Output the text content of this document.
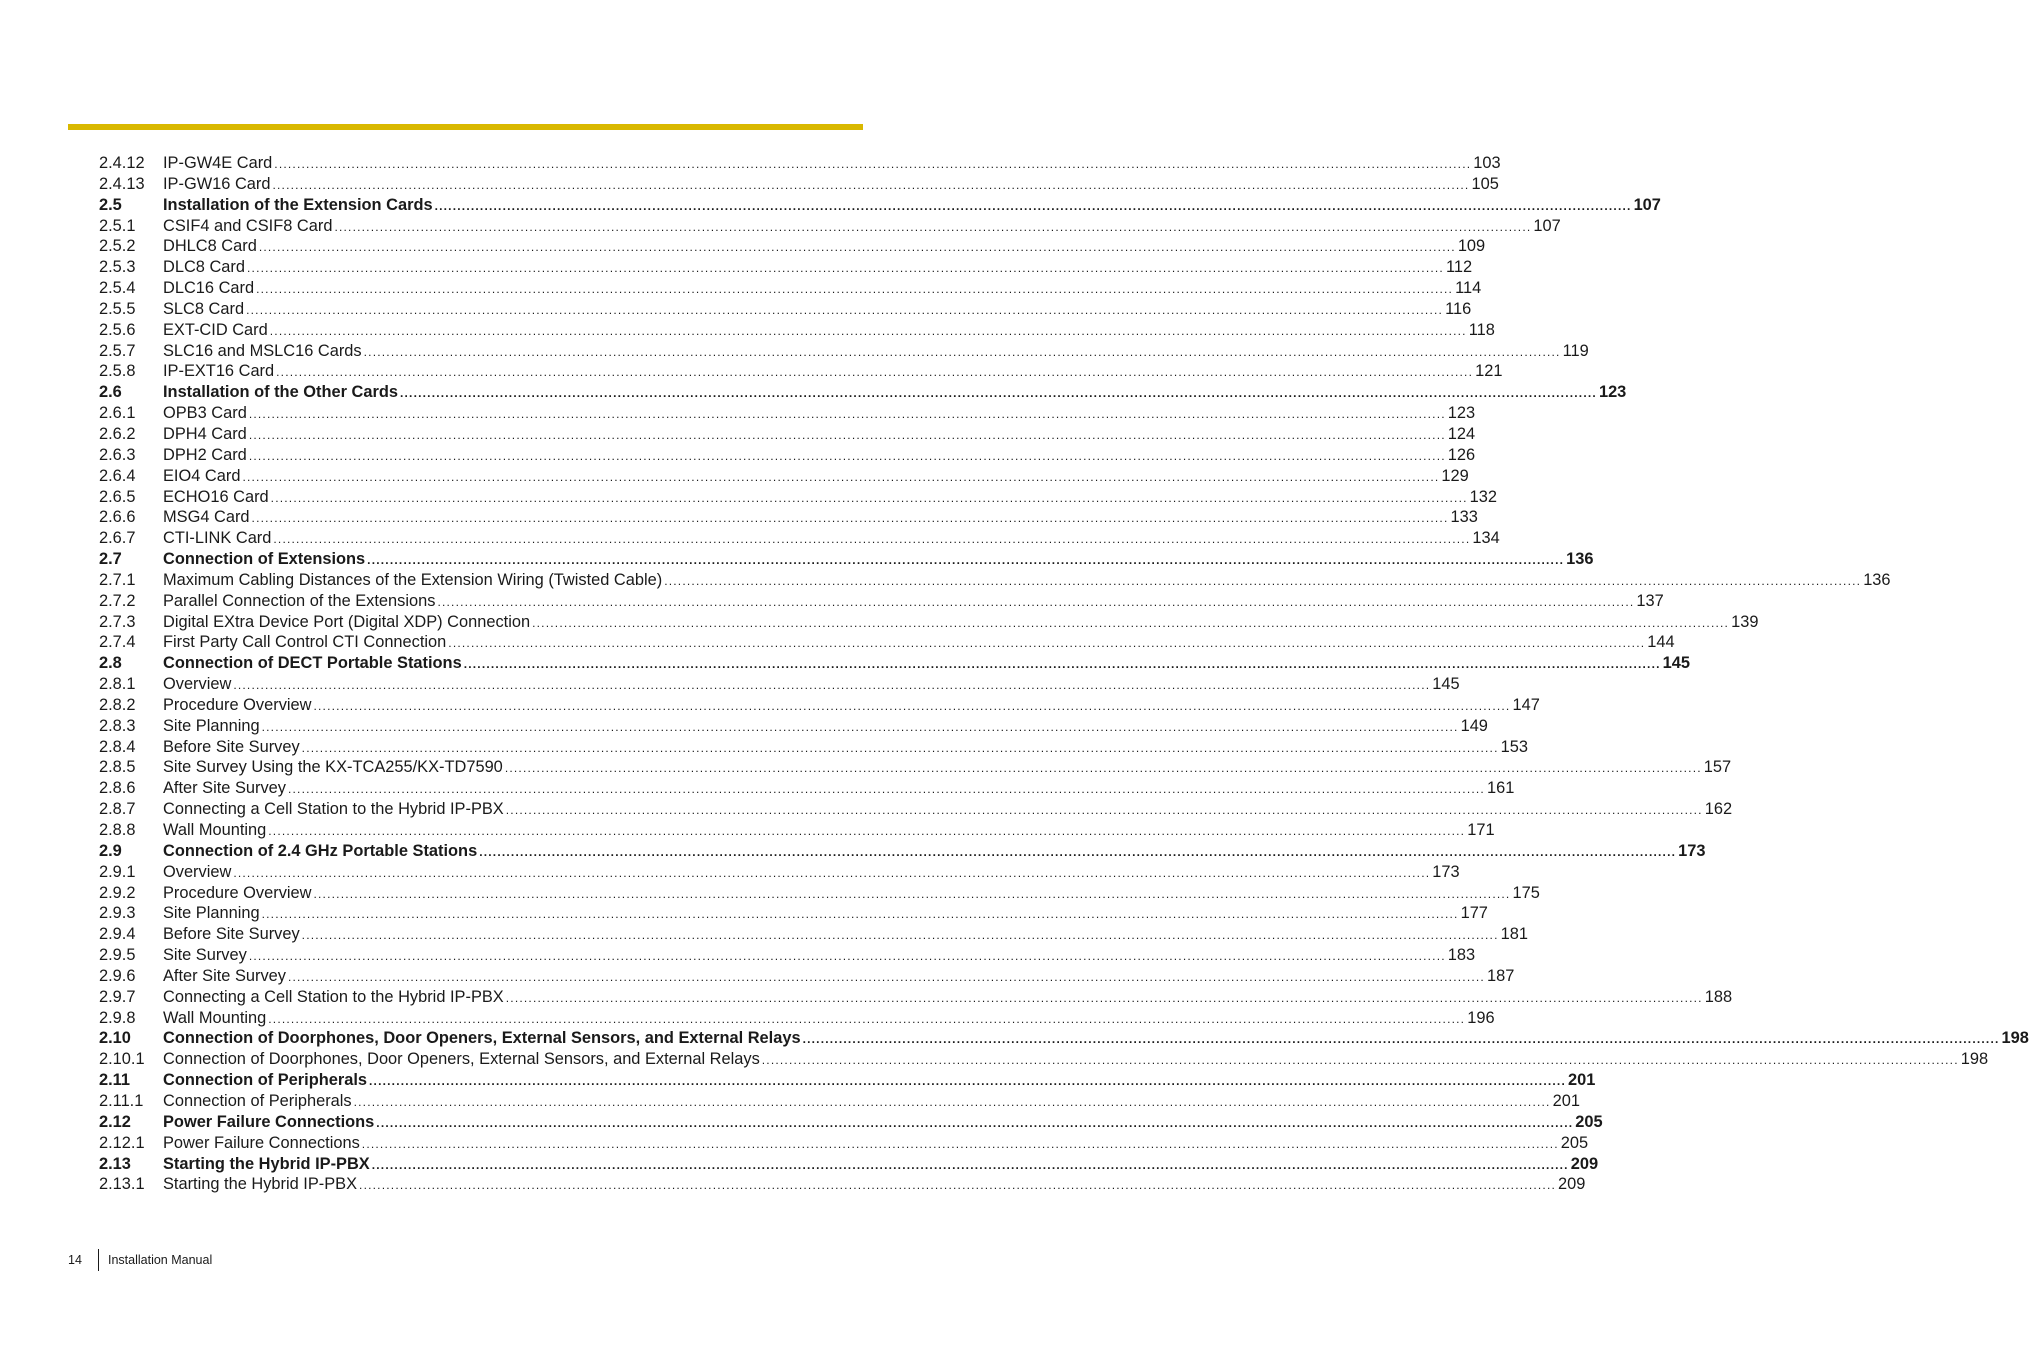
2.4.12	IP-GW4E Card .....	103
2.4.13	IP-GW16 Card .....	105
2.5	Installation of the Extension Cards .....	107
2.5.1	CSIF4 and CSIF8 Card .....	107
2.5.2	DHLC8 Card .....	109
2.5.3	DLC8 Card .....	112
2.5.4	DLC16 Card .....	114
2.5.5	SLC8 Card .....	116
2.5.6	EXT-CID Card .....	118
2.5.7	SLC16 and MSLC16 Cards .....	119
2.5.8	IP-EXT16 Card .....	121
2.6	Installation of the Other Cards .....	123
2.6.1	OPB3 Card .....	123
2.6.2	DPH4 Card .....	124
2.6.3	DPH2 Card .....	126
2.6.4	EIO4 Card .....	129
2.6.5	ECHO16 Card .....	132
2.6.6	MSG4 Card .....	133
2.6.7	CTI-LINK Card .....	134
2.7	Connection of Extensions .....	136
2.7.1	Maximum Cabling Distances of the Extension Wiring (Twisted Cable) .....	136
2.7.2	Parallel Connection of the Extensions .....	137
2.7.3	Digital EXtra Device Port (Digital XDP) Connection .....	139
2.7.4	First Party Call Control CTI Connection .....	144
2.8	Connection of DECT Portable Stations .....	145
2.8.1	Overview .....	145
2.8.2	Procedure Overview .....	147
2.8.3	Site Planning .....	149
2.8.4	Before Site Survey .....	153
2.8.5	Site Survey Using the KX-TCA255/KX-TD7590 .....	157
2.8.6	After Site Survey .....	161
2.8.7	Connecting a Cell Station to the Hybrid IP-PBX .....	162
2.8.8	Wall Mounting .....	171
2.9	Connection of 2.4 GHz Portable Stations .....	173
2.9.1	Overview .....	173
2.9.2	Procedure Overview .....	175
2.9.3	Site Planning .....	177
2.9.4	Before Site Survey .....	181
2.9.5	Site Survey .....	183
2.9.6	After Site Survey .....	187
2.9.7	Connecting a Cell Station to the Hybrid IP-PBX .....	188
2.9.8	Wall Mounting .....	196
2.10	Connection of Doorphones, Door Openers, External Sensors, and External Relays .....	198
2.10.1	Connection of Doorphones, Door Openers, External Sensors, and External Relays .....	198
2.11	Connection of Peripherals .....	201
2.11.1	Connection of Peripherals .....	201
2.12	Power Failure Connections .....	205
2.12.1	Power Failure Connections .....	205
2.13	Starting the Hybrid IP-PBX .....	209
2.13.1	Starting the Hybrid IP-PBX .....	209
14	Installation Manual
